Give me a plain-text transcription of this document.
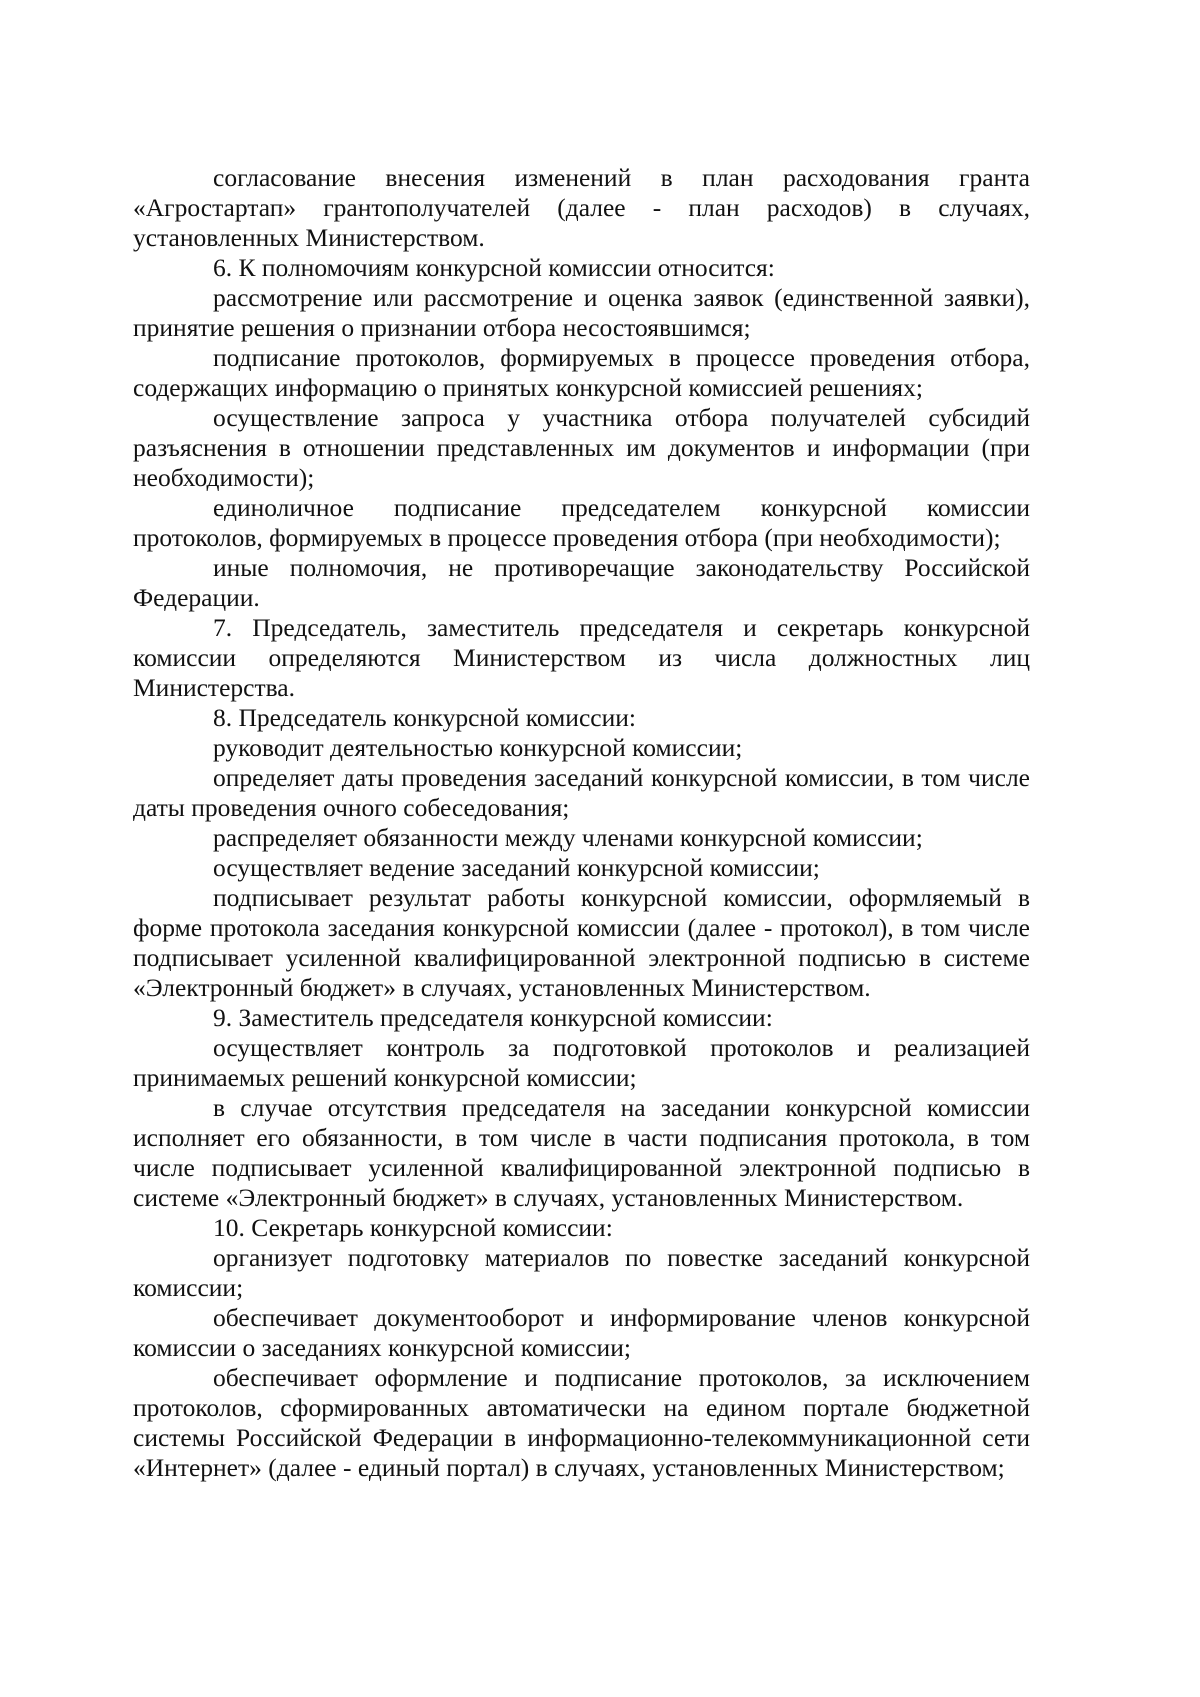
согласование внесения изменений в план расходования гранта «Агростартап» грантополучателей (далее - план расходов) в случаях, установленных Министерством.

6. К полномочиям конкурсной комиссии относится:

рассмотрение или рассмотрение и оценка заявок (единственной заявки), принятие решения о признании отбора несостоявшимся;

подписание протоколов, формируемых в процессе проведения отбора, содержащих информацию о принятых конкурсной комиссией решениях;

осуществление запроса у участника отбора получателей субсидий разъяснения в отношении представленных им документов и информации (при необходимости);

единоличное подписание председателем конкурсной комиссии протоколов, формируемых в процессе проведения отбора (при необходимости);

иные полномочия, не противоречащие законодательству Российской Федерации.

7. Председатель, заместитель председателя и секретарь конкурсной комиссии определяются Министерством из числа должностных лиц Министерства.

8. Председатель конкурсной комиссии:

руководит деятельностью конкурсной комиссии;

определяет даты проведения заседаний конкурсной комиссии, в том числе даты проведения очного собеседования;

распределяет обязанности между членами конкурсной комиссии;

осуществляет ведение заседаний конкурсной комиссии;

подписывает результат работы конкурсной комиссии, оформляемый в форме протокола заседания конкурсной комиссии (далее - протокол), в том числе подписывает усиленной квалифицированной электронной подписью в системе «Электронный бюджет» в случаях, установленных Министерством.

9. Заместитель председателя конкурсной комиссии:

осуществляет контроль за подготовкой протоколов и реализацией принимаемых решений конкурсной комиссии;

в случае отсутствия председателя на заседании конкурсной комиссии исполняет его обязанности, в том числе в части подписания протокола, в том числе подписывает усиленной квалифицированной электронной подписью в системе «Электронный бюджет» в случаях, установленных Министерством.

10. Секретарь конкурсной комиссии:

организует подготовку материалов по повестке заседаний конкурсной комиссии;

обеспечивает документооборот и информирование членов конкурсной комиссии о заседаниях конкурсной комиссии;

обеспечивает оформление и подписание протоколов, за исключением протоколов, сформированных автоматически на едином портале бюджетной системы Российской Федерации в информационно-телекоммуникационной сети «Интернет» (далее - единый портал) в случаях, установленных Министерством;
